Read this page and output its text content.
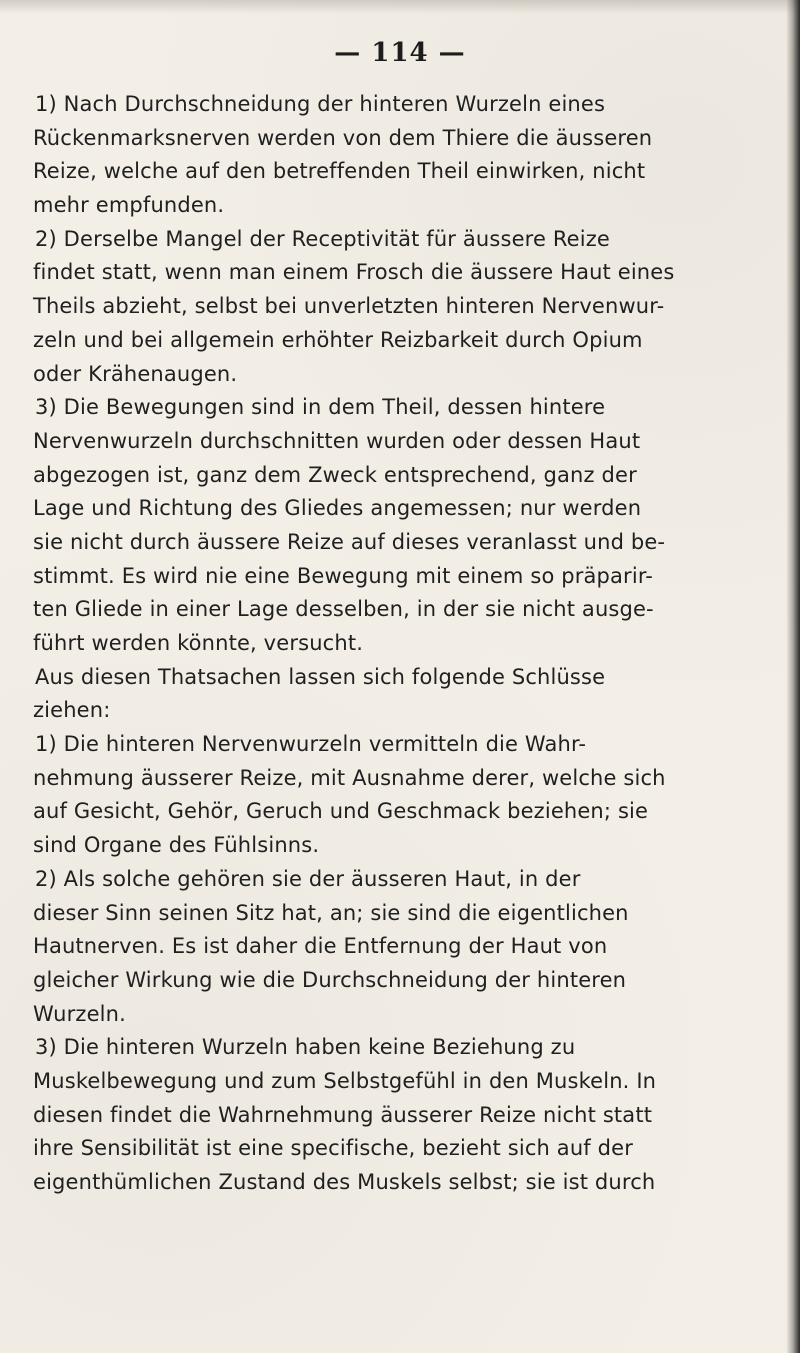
— 114 —
1) Nach Durchschneidung der hinteren Wurzeln eines
Rückenmarksnerven werden von dem Thiere die äusseren
Reize, welche auf den betreffenden Theil einwirken, nicht
mehr empfunden.
2) Derselbe Mangel der Receptivität für äussere Reize
findet statt, wenn man einem Frosch die äussere Haut eines
Theils abzieht, selbst bei unverletzten hinteren Nervenwur-
zeln und bei allgemein erhöhter Reizbarkeit durch Opium
oder Krähenaugen.
3) Die Bewegungen sind in dem Theil, dessen hintere
Nervenwurzeln durchschnitten wurden oder dessen Haut
abgezogen ist, ganz dem Zweck entsprechend, ganz der
Lage und Richtung des Gliedes angemessen; nur werden
sie nicht durch äussere Reize auf dieses veranlasst und be-
stimmt. Es wird nie eine Bewegung mit einem so präparir-
ten Gliede in einer Lage desselben, in der sie nicht ausge-
führt werden könnte, versucht.
Aus diesen Thatsachen lassen sich folgende Schlüsse
ziehen:
1) Die hinteren Nervenwurzeln vermitteln die Wahr-
nehmung äusserer Reize, mit Ausnahme derer, welche sich
auf Gesicht, Gehör, Geruch und Geschmack beziehen; sie
sind Organe des Fühlsinns.
2) Als solche gehören sie der äusseren Haut, in der
dieser Sinn seinen Sitz hat, an; sie sind die eigentlichen
Hautnerven. Es ist daher die Entfernung der Haut von
gleicher Wirkung wie die Durchschneidung der hinteren
Wurzeln.
3) Die hinteren Wurzeln haben keine Beziehung zu
Muskelbewegung und zum Selbstgefühl in den Muskeln. In
diesen findet die Wahrnehmung äusserer Reize nicht statt
ihre Sensibilität ist eine specifische, bezieht sich auf der
eigenthümlichen Zustand des Muskels selbst; sie ist durch
